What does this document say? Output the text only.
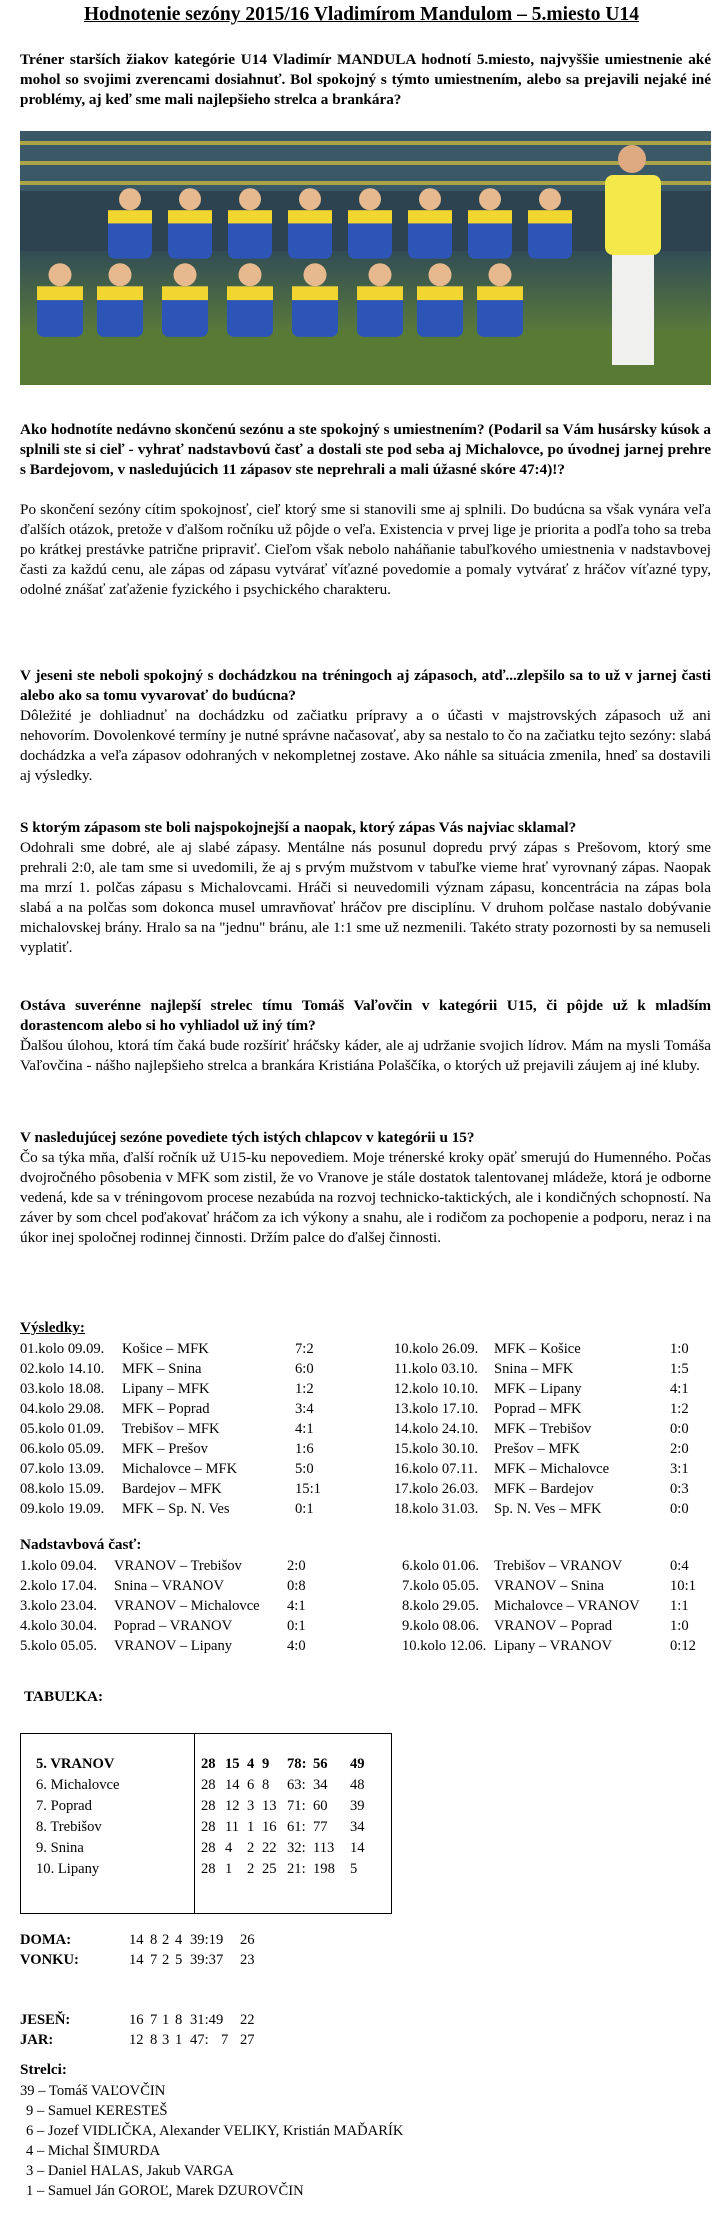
Hodnotenie sezóny 2015/16 Vladimírom Mandulom – 5.miesto U14

Tréner starších žiakov kategórie U14 Vladimír MANDULA hodnotí 5.miesto, najvyššie umiestnenie aké mohol so svojimi zverencami dosiahnuť. Bol spokojný s týmto umiestnením, alebo sa prejavili nejaké iné problémy, aj keď sme mali najlepšieho strelca a brankára?

Ako hodnotíte nedávno skončenú sezónu a ste spokojný s umiestnením? (Podaril sa Vám husársky kúsok a splnili ste si cieľ - vyhrať nadstavbovú časť a dostali ste pod seba aj Michalovce, po úvodnej jarnej prehre s Bardejovom, v nasledujúcich 11 zápasov ste neprehrali a mali úžasné skóre 47:4)!?

Po skončení sezóny cítim spokojnosť, cieľ ktorý sme si stanovili sme aj splnili. Do budúcna sa však vynára veľa ďalších otázok, pretože v ďalšom ročníku už pôjde o veľa. Existencia v prvej lige je priorita a podľa toho sa treba po krátkej prestávke patrične pripraviť. Cieľom však nebolo naháňanie tabuľkového umiestnenia v nadstavbovej časti za každú cenu, ale zápas od zápasu vytvárať víťazné povedomie a pomaly vytvárať z hráčov víťazné typy, odolné znášať zaťaženie fyzického i psychického charakteru.

V jeseni ste neboli spokojný s dochádzkou na tréningoch aj zápasoch, atď...zlepšilo sa to už v jarnej časti alebo ako sa tomu vyvarovať do budúcna?

Dôležité je dohliadnuť na dochádzku od začiatku prípravy a o účasti v majstrovských zápasoch už ani nehovorím. Dovolenkové termíny je nutné správne načasovať, aby sa nestalo to čo na začiatku tejto sezóny: slabá dochádzka a veľa zápasov odohraných v nekompletnej zostave. Ako náhle sa situácia zmenila, hneď sa dostavili aj výsledky.

S ktorým zápasom ste boli najspokojnejší a naopak, ktorý zápas Vás najviac sklamal?

Odohrali sme dobré, ale aj slabé zápasy. Mentálne nás posunul dopredu prvý zápas s Prešovom, ktorý sme prehrali 2:0, ale tam sme si uvedomili, že aj s prvým mužstvom v tabuľke vieme hrať vyrovnaný zápas. Naopak ma mrzí 1. polčas zápasu s Michalovcami. Hráči si neuvedomili význam zápasu, koncentrácia na zápas bola slabá a na polčas som dokonca musel umravňovať hráčov pre disciplínu. V druhom polčase nastalo dobývanie michalovskej brány. Hralo sa na "jednu" bránu, ale 1:1 sme už nezmenili. Takéto straty pozornosti by sa nemuseli vyplatiť.

Ostáva suverénne najlepší strelec tímu Tomáš Vaľovčin v kategórii U15, či pôjde už k mladším dorastencom alebo si ho vyhliadol už iný tím?

Ďalšou úlohou, ktorá tím čaká bude rozšíriť hráčsky káder, ale aj udržanie svojich lídrov. Mám na mysli Tomáša Vaľovčina - nášho najlepšieho strelca a brankára Kristiána Polaščíka, o ktorých už prejavili záujem aj iné kluby.

V nasledujúcej sezóne povediete tých istých chlapcov v kategórii u 15?

Čo sa týka mňa, ďalší ročník už U15-ku nepovediem. Moje trénerské kroky opäť smerujú do Humenného. Počas dvojročného pôsobenia v MFK som zistil, že vo Vranove je stále dostatok talentovanej mládeže, ktorá je odborne vedená, kde sa v tréningovom procese nezabúda na rozvoj technicko-taktických, ale i kondičných schopností. Na záver by som chcel poďakovať hráčom za ich výkony a snahu, ale i rodičom za pochopenie a podporu, neraz i na úkor inej spoločnej rodinnej činnosti. Držím palce do ďalšej činnosti.

Výsledky:
01.kolo 09.09. Košice – MFK	7:2
02.kolo 14.10. MFK – Snina	6:0
03.kolo 18.08. Lipany – MFK	1:2
04.kolo 29.08. MFK – Poprad	3:4
05.kolo 01.09. Trebišov – MFK	4:1
06.kolo 05.09. MFK – Prešov	1:6
07.kolo 13.09. Michalovce – MFK	5:0
08.kolo 15.09. Bardejov – MFK	15:1
09.kolo 19.09. MFK – Sp. N. Ves	0:1
10.kolo 26.09. MFK – Košice	1:0
11.kolo 03.10. Snina – MFK	1:5
12.kolo 10.10. MFK – Lipany	4:1
13.kolo 17.10. Poprad – MFK	1:2
14.kolo 24.10. MFK – Trebišov	0:0
15.kolo 30.10. Prešov – MFK	2:0
16.kolo 07.11. MFK – Michalovce	3:1
17.kolo 26.03. MFK – Bardejov	0:3
18.kolo 31.03. Sp. N. Ves – MFK	0:0
Nadstavbová časť:
1.kolo 09.04. VRANOV – Trebišov	2:0
2.kolo 17.04. Snina – VRANOV	0:8
3.kolo 23.04. VRANOV – Michalovce 4:1
4.kolo 30.04. Poprad – VRANOV	0:1
5.kolo 05.05. VRANOV – Lipany	4:0
6.kolo 01.06. Trebišov – VRANOV	0:4
7.kolo 05.05. VRANOV – Snina	10:1
8.kolo 29.05. Michalovce – VRANOV 1:1
9.kolo 08.06. VRANOV – Poprad	1:0
10.kolo 12.06. Lipany – VRANOV	0:12
TABUĽKA:
5. VRANOV	28 15 4 9 78: 56 49
6. Michalovce	28 14 6 8 63: 34 48
7. Poprad	28 12 3 13 71: 60 39
8. Trebišov	28 11 1 16 61: 77 34
9. Snina	28 4 2 22 32: 113 14
10. Lipany	28 1 2 25 21: 198 5
DOMA:	14 8 2 4 39:19 26
VONKU:	14 7 2 5 39:37 23
JESEŇ:	16 7 1 8 31:49 22
JAR:	12 8 3 1 47: 7 27
Strelci:
39 – Tomáš VAĽOVČIN
9 – Samuel KERESTEŠ
6 – Jozef VIDLIČKA, Alexander VELIKY, Kristián MAĎARÍK
4 – Michal ŠIMURDA
3 – Daniel HALAS, Jakub VARGA
1 – Samuel Ján GOROĽ, Marek DZUROVČIN
